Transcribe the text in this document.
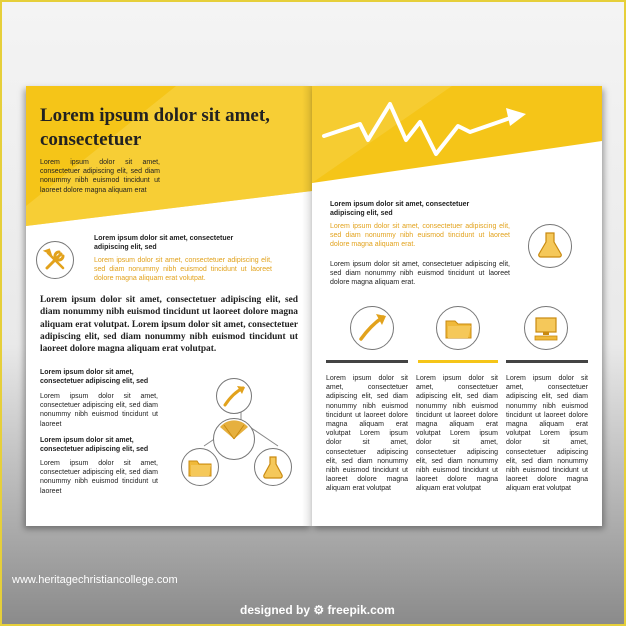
Lorem ipsum dolor sit amet, consectetuer
Lorem ipsum dolor sit amet, consectetuer adipiscing elit, sed diam nonummy nibh euismod tincidunt ut laoreet dolore magna aliquam erat
Lorem ipsum dolor sit amet, consectetuer adipiscing elit, sed
Lorem ipsum dolor sit amet, consectetuer adipiscing elit, sed diam nonummy nibh euismod tincidunt ut laoreet dolore magna aliquam erat volutpat.
Lorem ipsum dolor sit amet, consectetuer adipiscing elit, sed diam nonummy nibh euismod tincidunt ut laoreet dolore magna aliquam erat volutpat. Lorem ipsum dolor sit amet, consectetuer adipiscing elit, sed diam nonummy nibh euismod tincidunt ut laoreet dolore magna aliquam erat volutpat.
Lorem ipsum dolor sit amet, consectetuer adipiscing elit, sed
Lorem ipsum dolor sit amet, consectetuer adipiscing elit, sed diam nonummy nibh euismod tincidunt ut laoreet
Lorem ipsum dolor sit amet, consectetuer adipiscing elit, sed
Lorem ipsum dolor sit amet, consectetuer adipiscing elit, sed diam nonummy nibh euismod tincidunt ut laoreet
Lorem ipsum dolor sit amet, consectetuer adipiscing elit, sed
Lorem ipsum dolor sit amet, consectetuer adipiscing elit, sed diam nonummy nibh euismod tincidunt ut laoreet dolore magna aliquam erat.
Lorem ipsum dolor sit amet, consectetuer adipiscing elit, sed diam nonummy nibh euismod tincidunt ut laoreet dolore magna aliquam erat.
Lorem ipsum dolor sit amet, consectetuer adipiscing elit, sed diam nonummy nibh euismod tincidunt ut laoreet dolore magna aliquam erat volutpat Lorem ipsum dolor sit amet, consectetuer adipiscing elit, sed diam nonummy nibh euismod tincidunt ut laoreet dolore magna aliquam erat volutpat
Lorem ipsum dolor sit amet, consectetuer adipiscing elit, sed diam nonummy nibh euismod tincidunt ut laoreet dolore magna aliquam erat volutpat Lorem ipsum dolor sit amet, consectetuer adipiscing elit, sed diam nonummy nibh euismod tincidunt ut laoreet dolore magna aliquam erat volutpat
Lorem ipsum dolor sit amet, consectetuer adipiscing elit, sed diam nonummy nibh euismod tincidunt ut laoreet dolore magna aliquam erat volutpat Lorem ipsum dolor sit amet, consectetuer adipiscing elit, sed diam nonummy nibh euismod tincidunt ut laoreet dolore magna aliquam erat volutpat
www.heritagechristiancollege.com
designed by ⚙ freepik.com
